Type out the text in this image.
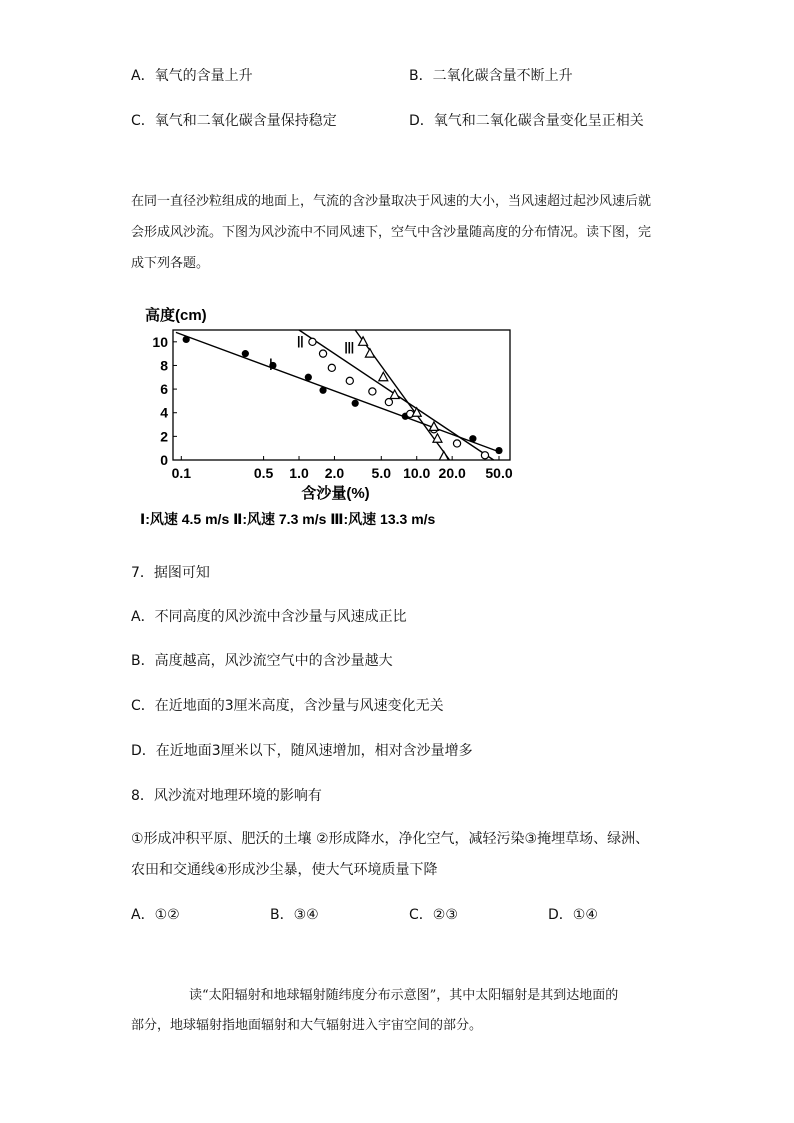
A．氧气的含量上升	B．二氧化碳含量不断上升
C．氧气和二氧化碳含量保持稳定	D．氧气和二氧化碳含量变化呈正相关
在同一直径沙粒组成的地面上，气流的含沙量取决于风速的大小，当风速超过起沙风速后就会形成风沙流。下图为风沙流中不同风速下，空气中含沙量随高度的分布情况。读下图，完成下列各题。
0
2
4
6
8
10
0.1	0.5 1.0 2.0 5.0 10.0 20.0 50.0
Ⅰ
Ⅱ Ⅲ
高度(cm)
含沙量(%)
Ⅰ:风速 4.5 m/s Ⅱ:风速 7.3 m/s Ⅲ:风速 13.3 m/s
7．据图可知
A．不同高度的风沙流中含沙量与风速成正比
B．高度越高，风沙流空气中的含沙量越大
C．在近地面的3厘米高度，含沙量与风速变化无关
D．在近地面3厘米以下，随风速增加，相对含沙量增多
8．风沙流对地理环境的影响有
①形成冲积平原、肥沃的土壤 ②形成降水，净化空气，减轻污染③掩埋草场、绿洲、
农田和交通线④形成沙尘暴，使大气环境质量下降
A．①②	B．③④	C．②③	D．①④
读“太阳辐射和地球辐射随纬度分布示意图”，其中太阳辐射是其到达地面的
部分，地球辐射指地面辐射和大气辐射进入宇宙空间的部分。
